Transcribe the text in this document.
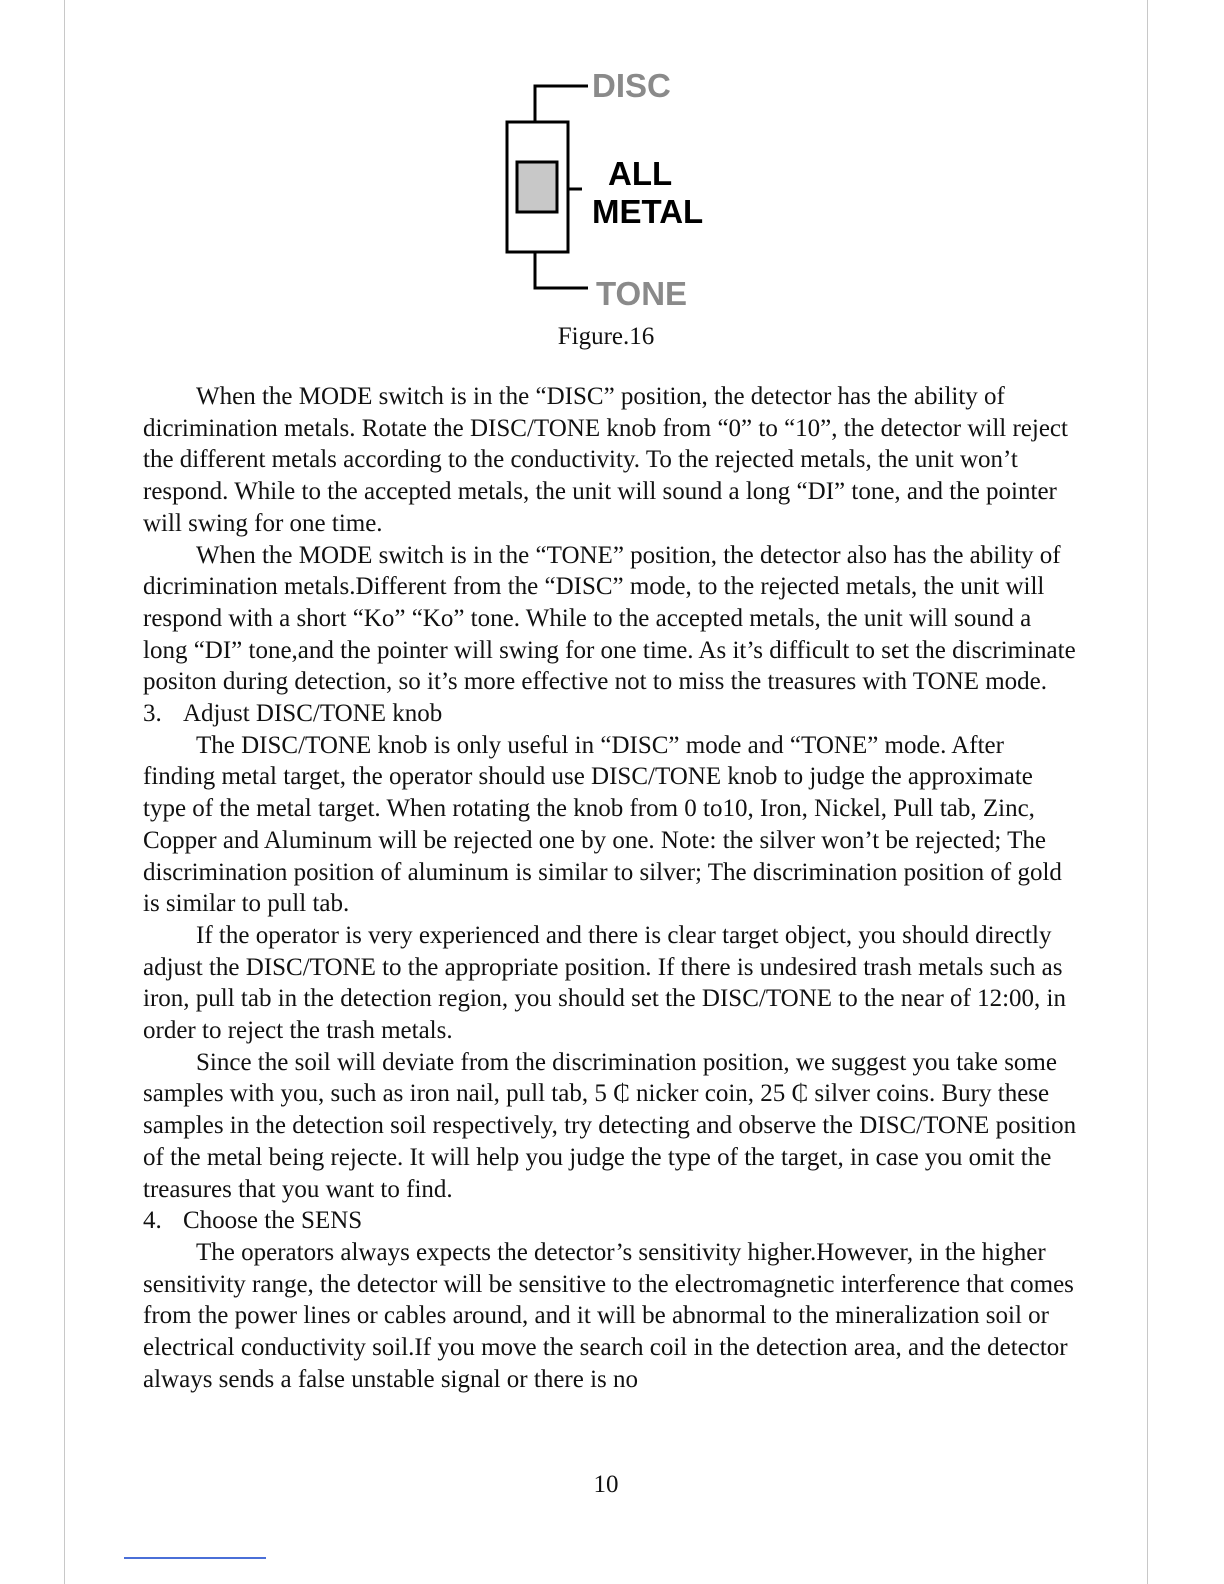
DISC
ALL
METAL
TONE
Figure.16

When the MODE switch is in the “DISC” position, the detector has the ability of dicrimination metals. Rotate the DISC/TONE knob from “0” to “10”, the detector will reject the different metals according to the conductivity. To the rejected metals, the unit won’t respond. While to the accepted metals, the unit will sound a long “DI” tone, and the pointer will swing for one time.

When the MODE switch is in the “TONE” position, the detector also has the ability of dicrimination metals.Different from the “DISC” mode, to the rejected metals, the unit will respond with a short “Ko” “Ko” tone. While to the accepted metals, the unit will sound a long “DI” tone,and the pointer will swing for one time. As it’s difficult to set the discriminate positon during detection, so it’s more effective not to miss the treasures with TONE mode.

3. Adjust DISC/TONE knob

The DISC/TONE knob is only useful in “DISC” mode and “TONE” mode. After finding metal target, the operator should use DISC/TONE knob to judge the approximate type of the metal target. When rotating the knob from 0 to10, Iron, Nickel, Pull tab, Zinc, Copper and Aluminum will be rejected one by one. Note: the silver won’t be rejected; The discrimination position of aluminum is similar to silver; The discrimination position of gold is similar to pull tab.

If the operator is very experienced and there is clear target object, you should directly adjust the DISC/TONE to the appropriate position. If there is undesired trash metals such as iron, pull tab in the detection region, you should set the DISC/TONE to the near of 12:00, in order to reject the trash metals.

Since the soil will deviate from the discrimination position, we suggest you take some samples with you, such as iron nail, pull tab, 5 ₵ nicker coin, 25 ₵ silver coins. Bury these samples in the detection soil respectively, try detecting and observe the DISC/TONE position of the metal being rejecte. It will help you judge the type of the target, in case you omit the treasures that you want to find.

4. Choose the SENS

The operators always expects the detector’s sensitivity higher.However, in the higher sensitivity range, the detector will be sensitive to the electromagnetic interference that comes from the power lines or cables around, and it will be abnormal to the mineralization soil or electrical conductivity soil.If you move the search coil in the detection area, and the detector always sends a false unstable signal or there is no

10
